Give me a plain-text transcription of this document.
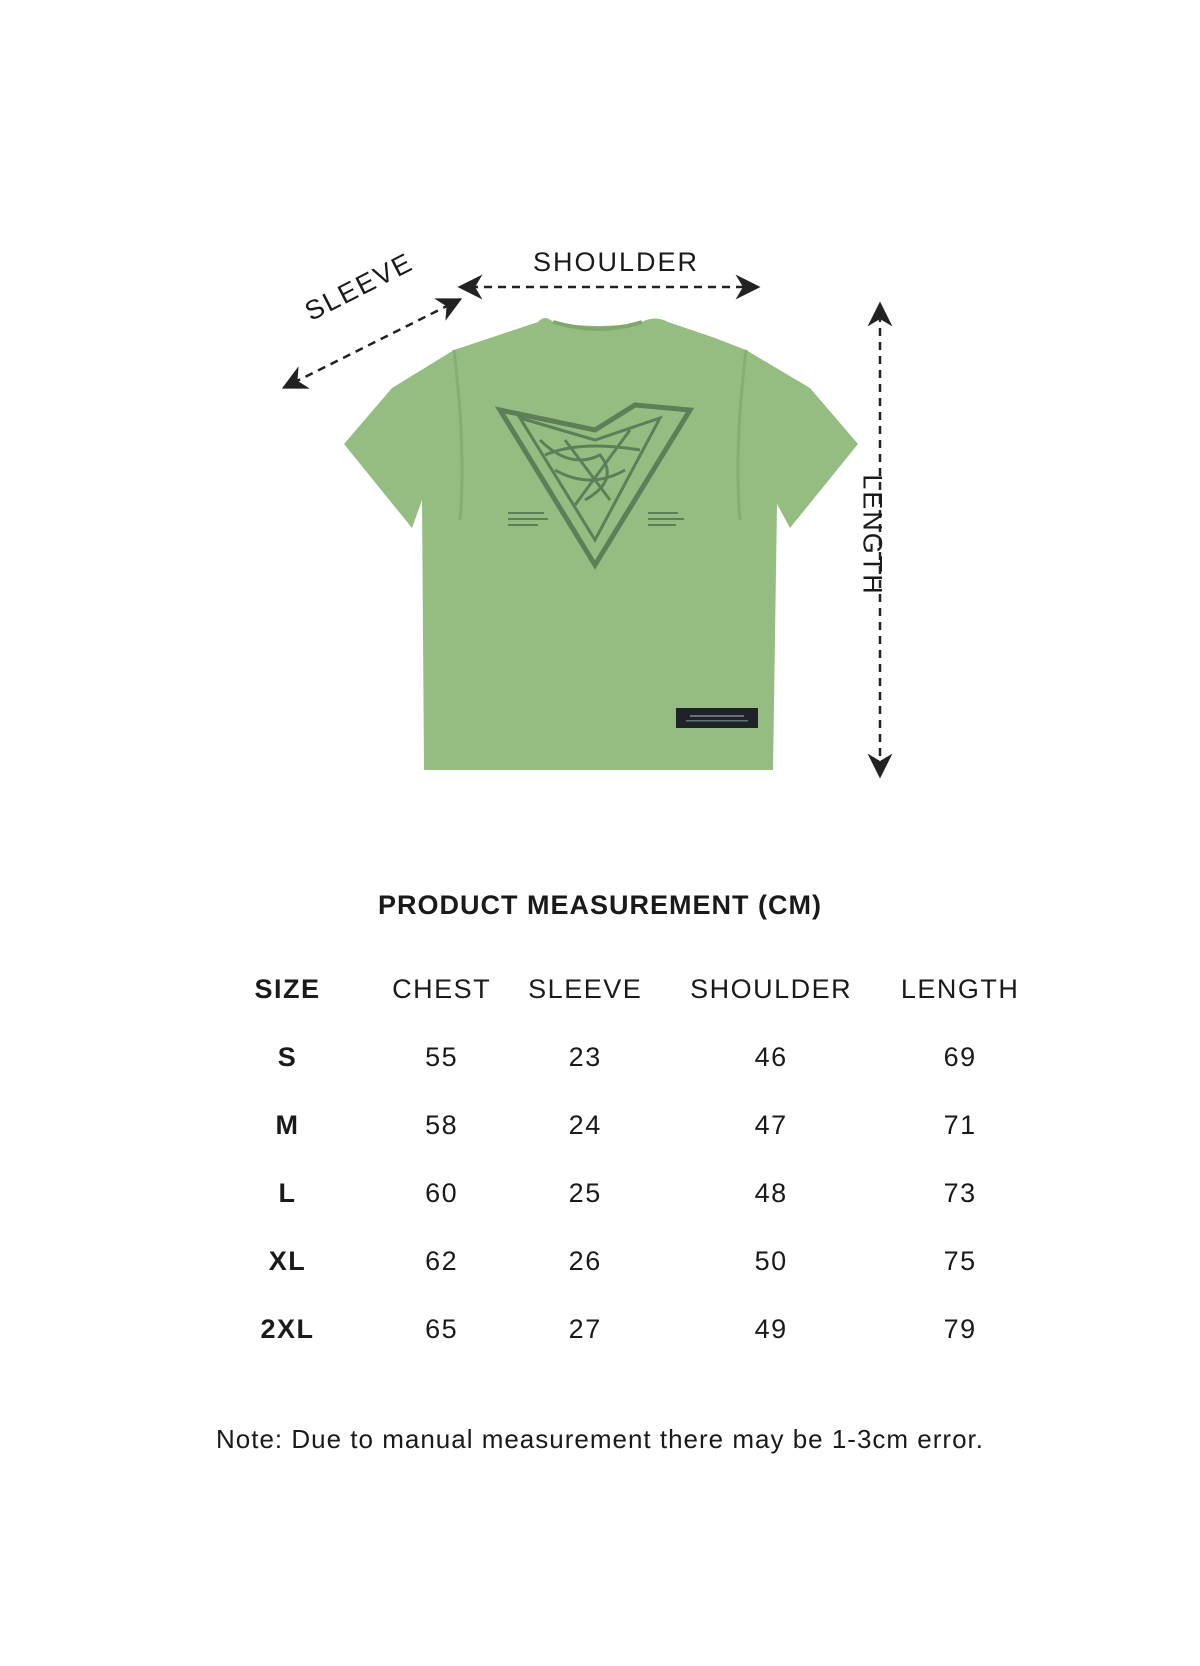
SHOULDER
SLEEVE
LENGTH
PRODUCT MEASUREMENT (CM)
SIZE	CHEST	SLEEVE	SHOULDER	LENGTH
S	55	23	46	69
M	58	24	47	71
L	60	25	48	73
XL	62	26	50	75
2XL	65	27	49	79
Note: Due to manual measurement there may be 1-3cm error.
